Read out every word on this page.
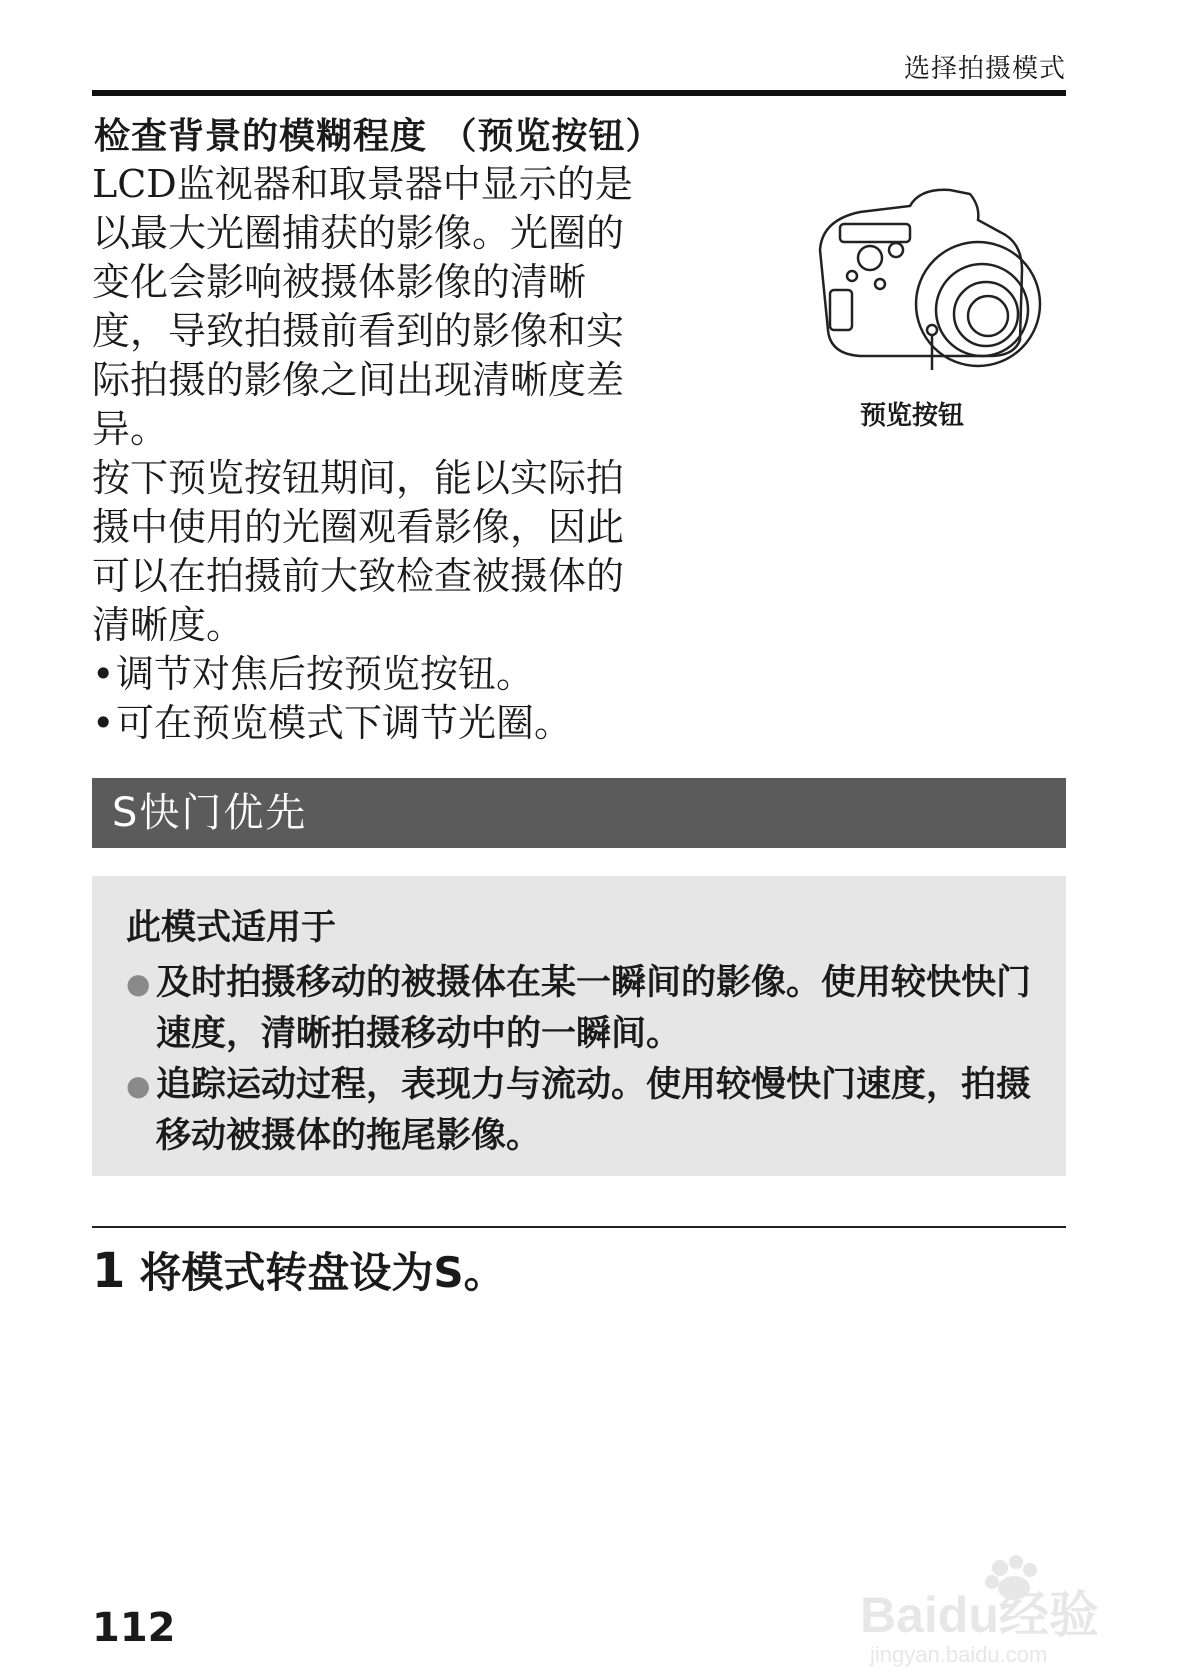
选择拍摄模式
检查背景的模糊程度 （预览按钮）

LCD监视器和取景器中显示的是以最大光圈捕获的影像。光圈的变化会影响被摄体影像的清晰度，导致拍摄前看到的影像和实际拍摄的影像之间出现清晰度差异。

按下预览按钮期间，能以实际拍摄中使用的光圈观看影像，因此可以在拍摄前大致检查被摄体的清晰度。

• 调节对焦后按预览按钮。
• 可在预览模式下调节光圈。
预览按钮
S快门优先
此模式适用于
● 及时拍摄移动的被摄体在某一瞬间的影像。使用较快快门速度，清晰拍摄移动中的一瞬间。
● 追踪运动过程，表现力与流动。使用较慢快门速度，拍摄移动被摄体的拖尾影像。
1 将模式转盘设为S。
112	Baidu经验
jingyan.baidu.com
